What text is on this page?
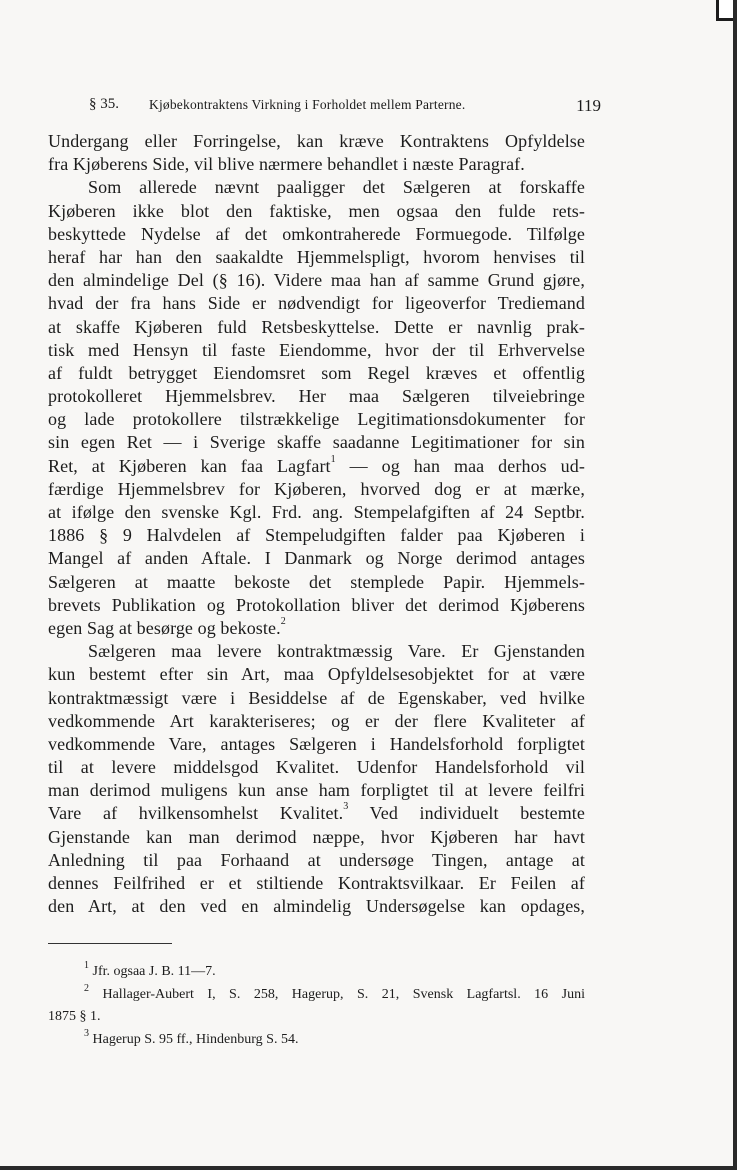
§ 35. Kjøbekontraktens Virkning i Forholdet mellem Parterne.	119
Undergang eller Forringelse, kan kræve Kontraktens Opfyldelse
fra Kjøberens Side, vil blive nærmere behandlet i næste Paragraf.
Som allerede nævnt paaligger det Sælgeren at forskaffe
Kjøberen ikke blot den faktiske, men ogsaa den fulde rets-
beskyttede Nydelse af det omkontraherede Formuegode. Tilfølge
heraf har han den saakaldte Hjemmelspligt, hvorom henvises til
den almindelige Del (§ 16). Videre maa han af samme Grund gjøre,
hvad der fra hans Side er nødvendigt for ligeoverfor Trediemand
at skaffe Kjøberen fuld Retsbeskyttelse. Dette er navnlig prak-
tisk med Hensyn til faste Eiendomme, hvor der til Erhvervelse
af fuldt betrygget Eiendomsret som Regel kræves et offentlig
protokolleret Hjemmelsbrev. Her maa Sælgeren tilveiebringe
og lade protokollere tilstrækkelige Legitimationsdokumenter for
sin egen Ret — i Sverige skaffe saadanne Legitimationer for sin
Ret, at Kjøberen kan faa Lagfart$^1$ — og han maa derhos ud-
færdige Hjemmelsbrev for Kjøberen, hvorved dog er at mærke,
at ifølge den svenske Kgl. Frd. ang. Stempelafgiften af 24 Septbr.
1886 § 9 Halvdelen af Stempeludgiften falder paa Kjøberen i
Mangel af anden Aftale. I Danmark og Norge derimod antages
Sælgeren at maatte bekoste det stemplede Papir. Hjemmels-
brevets Publikation og Protokollation bliver det derimod Kjøberens
egen Sag at besørge og bekoste.$^2$
Sælgeren maa levere kontraktmæssig Vare. Er Gjenstanden
kun bestemt efter sin Art, maa Opfyldelsesobjektet for at være
kontraktmæssigt være i Besiddelse af de Egenskaber, ved hvilke
vedkommende Art karakteriseres; og er der flere Kvaliteter af
vedkommende Vare, antages Sælgeren i Handelsforhold forpligtet
til at levere middelsgod Kvalitet. Udenfor Handelsforhold vil
man derimod muligens kun anse ham forpligtet til at levere feilfri
Vare af hvilkensomhelst Kvalitet.$^3$ Ved individuelt bestemte
Gjenstande kan man derimod næppe, hvor Kjøberen har havt
Anledning til paa Forhaand at undersøge Tingen, antage at
dennes Feilfrihed er et stiltiende Kontraktsvilkaar. Er Feilen af
den Art, at den ved en almindelig Undersøgelse kan opdages,
$^1$ Jfr. ogsaa J. B. 11—7.
$^2$ Hallager-Aubert I, S. 258, Hagerup, S. 21, Svensk Lagfartsl. 16 Juni
1875 § 1.
$^3$ Hagerup S. 95 ff., Hindenburg S. 54.
